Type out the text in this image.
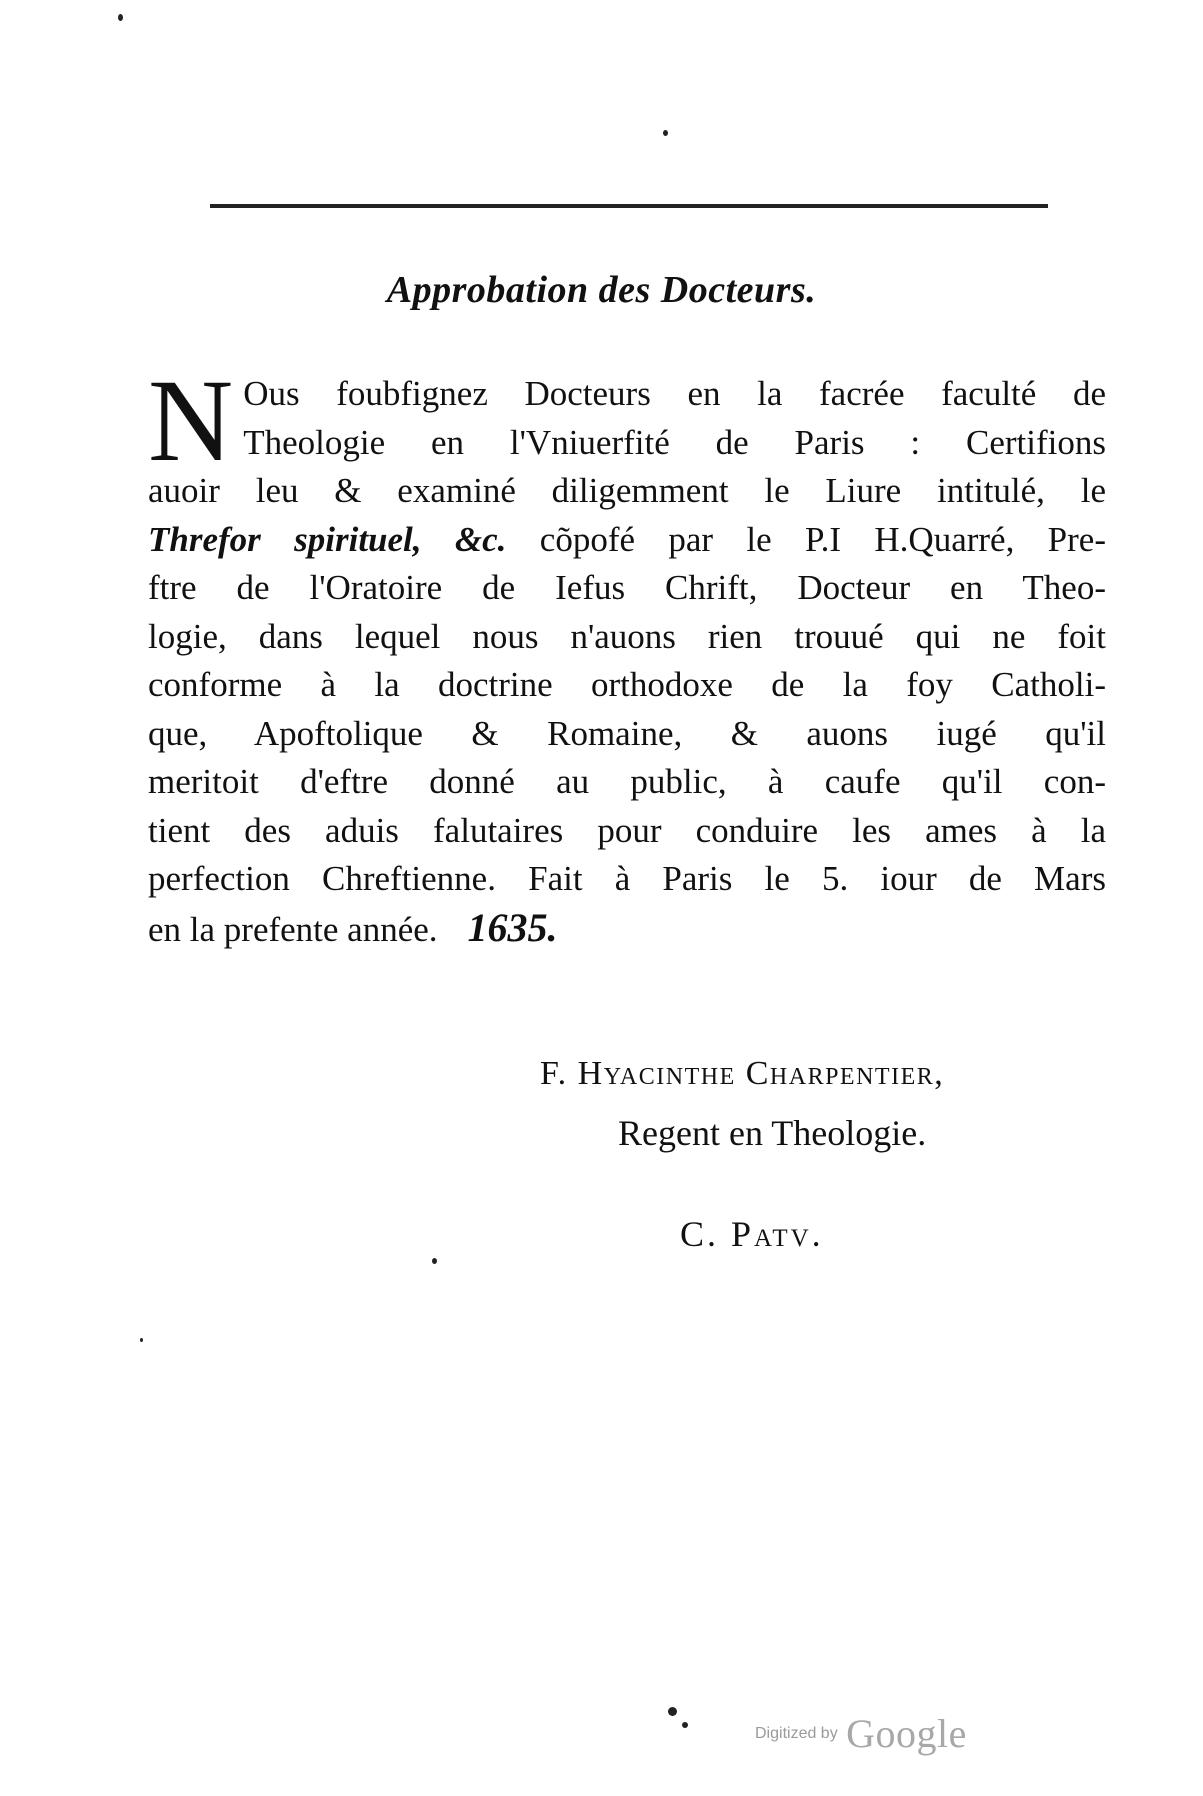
Approbation des Docteurs.
N Ous foubfignez Docteurs en la facrée faculté de
Theologie en l'Vniuerfité de Paris : Certifions
auoir leu & examiné diligemment le Liure intitulé, le
Threfor spirituel, &c. cõpofé par le P.I H.Quarré, Pre-
ftre de l'Oratoire de Iefus Chrift, Docteur en Theo-
logie, dans lequel nous n'auons rien trouué qui ne foit
conforme à la doctrine orthodoxe de la foy Catholi-
que, Apoftolique & Romaine, & auons iugé qu'il
meritoit d'eftre donné au public, à caufe qu'il con-
tient des aduis falutaires pour conduire les ames à la
perfection Chreftienne. Fait à Paris le 5. iour de Mars
en la prefente année. 1635.
F. Hyacinthe Charpentier,
Regent en Theologie.
C. Patv.
Digitized by Google
